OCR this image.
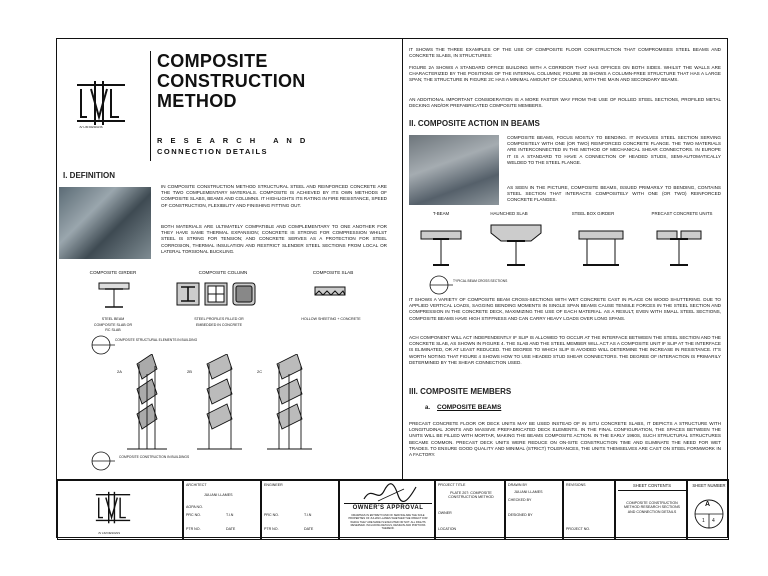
JV LIM DESIGNS
COMPOSITE
CONSTRUCTION
METHOD
R E S E A R C H   A N D
CONNECTION DETAILS
I. DEFINITION
IN COMPOSITE CONSTRUCTION METHOD STRUCTURAL STEEL AND REINFORCED CONCRETE ARE THE TWO COMPLEMENTARY MATERIALS. COMPOSITE IS ACHIEVED BY ITS OWN METHODS OF COMPOSITE SLABS, BEAMS AND COLUMNS. IT HIGHLIGHTS ITS RATING IN FIRE RESISTANCE, SPEED OF CONSTRUCTION, FLEXIBILITY AND FINISHING FITTING OUT.
BOTH MATERIALS ARE ULTIMATELY COMPATIBLE AND COMPLEMENTARY TO ONE ANOTHER FOR THEY HAVE SAME THERMAL EXPANSION; CONCRETE IS STRONG FOR COMPRESSION WHILST STEEL IS STRING FOR TENSION; AND CONCRETE SERVES AS A PROTECTION FOR STEEL CORROSION, THERMAL INSULATION AND RESTRICT SLENDER STEEL SECTIONS FROM LOCAL OR LATERAL TORSIONAL BUCKLING.
COMPOSITE GIRDER	COMPOSITE COLUMN	COMPOSITE SLAB
STEEL BEAM COMPOSITE SLAB OR RC SLAB
STEEL PROFILES FILLED OR EMBEDDED IN CONCRETE
HOLLOW SHEETING + CONCRETE
COMPOSITE STRUCTURAL ELEMENTS IN BUILDING
2A	2B	2C
COMPOSITE CONSTRUCTION IN BUILDINGS
IT SHOWS THE THREE EXAMPLES OF THE USE OF COMPOSITE FLOOR CONSTRUCTION THAT COMPROMISES STEEL BEAMS AND CONCRETE SLABS, IN STRUCTURES:
FIGURE 2A SHOWS A STANDARD OFFICE BUILDING WITH A CORRIDOR THAT HAS OFFICES ON BOTH SIDES. WHILST THE WALLS ARE CHARACTERIZED BY THE POSITIONS OF THE INTERNAL COLUMNS; FIGURE 2B SHOWS A COLUMN-FREE STRUCTURE THAT HAS A LARGE SPAN; THE STRUCTURE IN FIGURE 2C HAS A MINIMAL AMOUNT OF COLUMNS, WITH THE MAIN AND SECONDARY BEAMS.
AN ADDITIONAL IMPORTANT CONSIDERATION IS A MORE FASTER WAY FROM THE USE OF ROLLED STEEL SECTIONS, PROFILED METAL DECKING AND/OR PREFABRICATED COMPOSITE MEMBERS.
II. COMPOSITE ACTION IN BEAMS
COMPOSITE BEAMS, FOCUS MOSTLY TO BENDING. IT INVOLVES STEEL SECTION SERVING COMPOSITELY WITH ONE (OR TWO) REINFORCED CONCRETE FLANGE. THE TWO MATERIALS ARE INTERCONNECTED IN THE METHOD OF MECHANICAL SHEAR CONNECTORS. IN EUROPE IT IS A STANDARD TO HAVE A CONNECTION OF HEADED STUDS, SEMI-AUTOMATICALLY WELDED TO THE STEEL FLANGE.
AS SEEN IN THE PICTURE, COMPOSITE BEAMS, ISSUED PRIMARILY TO BENDING, CONTAINS STEEL SECTION THAT INTERACTS COMPOSITELY WITH ONE (OR TWO) REINFORCED CONCRETE FLANGES.
T-BEAM	HAUNCHED SLAB	STEEL BOX GIRDER	PRECAST CONCRETE UNITS
TYPICAL BEAM CROSS SECTIONS
IT SHOWS A VARIETY OF COMPOSITE BEAM CROSS-SECTIONS WITH WET CONCRETE CAST IN PLACE ON WOOD SHUTTERING. DUE TO APPLIED VERTICAL LOADS, SAGGING BENDING MOMENTS IN SINGLE SPAN BEAMS CAUSE TENSILE FORCES IN THE STEEL SECTION AND COMPRESSION IN THE CONCRETE DECK, MAXIMIZING THE USE OF EACH MATERIAL. AS A RESULT, EVEN WITH SMALL STEEL SECTIONS, COMPOSITE BEAMS HAVE HIGH STIFFNESS AND CAN CARRY HEAVY LOADS OVER LONG SPANS.
ACH COMPONENT WILL ACT INDEPENDENTLY IF SLIP IS ALLOWED TO OCCUR AT THE INTERFACE BETWEEN THE STEEL SECTION AND THE CONCRETE SLAB, AS SHOWN IN FIGURE 4. THE SLAB AND THE STEEL MEMBER WILL ACT AS A COMPOSITE UNIT IF SLIP AT THE INTERFACE IS ELIMINATED, OR AT LEAST REDUCED. THE DEGREE TO WHICH SLIP IS AVOIDED WILL DETERMINE THE INCREASE IN RESISTANCE. IT'S WORTH NOTING THAT FIGURE 4 SHOWS HOW TO USE HEADED STUD SHEAR CONNECTORS. THE DEGREE OF INTERACTION IS PRIMARILY DETERMINED BY THE SHEAR CONNECTION USED.
III. COMPOSITE MEMBERS
a. COMPOSITE BEAMS
PRECAST CONCRETE FLOOR OR DECK UNITS MAY BE USED INSTEAD OF IN SITU CONCRETE SLABS, IT DEPICTS A STRUCTURE WITH LONGITUDINAL JOINTS AND MASSIVE PREFABRICATED DECK ELEMENTS. IN THE FINAL CONFIGURATION, THE SPACES BETWEEN THE UNITS WILL BE FILLED WITH MORTAR, MAKING THE BEAMS COMPOSITE ACTION. IN THE EARLY 1960S, SUCH STRUCTURAL STRUCTURES BECAME COMMON. PRECAST DECK UNITS WERE REDUCE ON ON-SITE CONSTRUCTION TIME AND ELIMINATE THE NEED FOR WET TRADES. TO ENSURE GOOD QUALITY AND MINIMAL (STRICT) TOLERANCES, THE UNITS THEMSELVES ARE CAST ON STEEL FORMWORK IN A FACTORY.
JV LIM DESIGNS
ARCHITECT
JULIANI LLAMES
AOPA NO.
PRC NO.	T.I.N
PTR NO.	DATE
ENGINEER
PRC NO.	T.I.N
PTR NO.	DATE
OWNER'S APPROVAL
DRAWINGS IN ENTIRETY/AND OF SERVICE ARE THE SOLE PROPERTIES OF JULIANI LLAMES WHETHER THE OBJECT FOR WHICH THEY ARE MADE IS EXECUTED OR NOT. ALL RIGHTS RESERVED. INCLUDING DETAILS, DESIGNS AND PORTIONS THEREOF.
PROJECT TITLE
PLATE 207: COMPOSITE CONSTRUCTION METHOD
OWNER
LOCATION
DRAWN BY
JULIANI LLAMES
CHECKED BY
DESIGNED BY
REVISIONS
PROJECT NO.
SHEET CONTENTS
COMPOSITE CONSTRUCTION METHOD RESEARCH SECTIONS AND CONNECTION DETAILS
SHEET NUMBER
A
1 4
